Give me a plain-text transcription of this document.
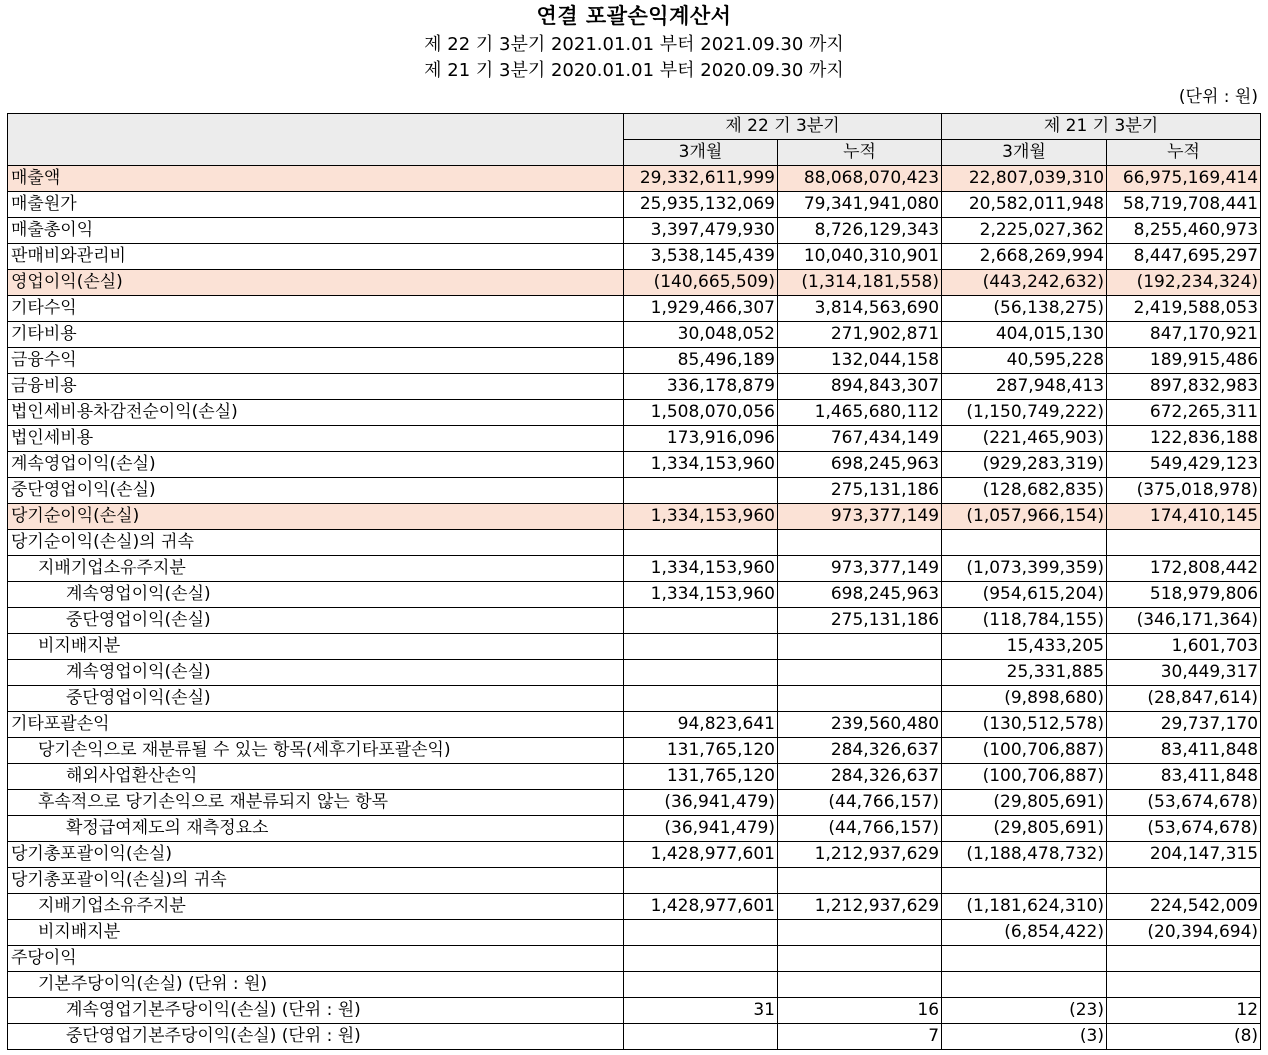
연결 포괄손익계산서
제 22 기 3분기 2021.01.01 부터 2021.09.30 까지
제 21 기 3분기 2020.01.01 부터 2020.09.30 까지
(단위 : 원)
	제 22 기 3분기		제 21 기 3분기	
	3개월	누적	3개월	누적
매출액	29,332,611,999	88,068,070,423	22,807,039,310	66,975,169,414
매출원가	25,935,132,069	79,341,941,080	20,582,011,948	58,719,708,441
매출총이익	3,397,479,930	8,726,129,343	2,225,027,362	8,255,460,973
판매비와관리비	3,538,145,439	10,040,310,901	2,668,269,994	8,447,695,297
영업이익(손실)	(140,665,509)	(1,314,181,558)	(443,242,632)	(192,234,324)
기타수익	1,929,466,307	3,814,563,690	(56,138,275)	2,419,588,053
기타비용	30,048,052	271,902,871	404,015,130	847,170,921
금융수익	85,496,189	132,044,158	40,595,228	189,915,486
금융비용	336,178,879	894,843,307	287,948,413	897,832,983
법인세비용차감전순이익(손실)	1,508,070,056	1,465,680,112	(1,150,749,222)	672,265,311
법인세비용	173,916,096	767,434,149	(221,465,903)	122,836,188
계속영업이익(손실)	1,334,153,960	698,245,963	(929,283,319)	549,429,123
중단영업이익(손실)		275,131,186	(128,682,835)	(375,018,978)
당기순이익(손실)	1,334,153,960	973,377,149	(1,057,966,154)	174,410,145
당기순이익(손실)의 귀속				
지배기업소유주지분	1,334,153,960	973,377,149	(1,073,399,359)	172,808,442
계속영업이익(손실)	1,334,153,960	698,245,963	(954,615,204)	518,979,806
중단영업이익(손실)		275,131,186	(118,784,155)	(346,171,364)
비지배지분			15,433,205	1,601,703
계속영업이익(손실)			25,331,885	30,449,317
중단영업이익(손실)			(9,898,680)	(28,847,614)
기타포괄손익	94,823,641	239,560,480	(130,512,578)	29,737,170
당기손익으로 재분류될 수 있는 항목(세후기타포괄손익)	131,765,120	284,326,637	(100,706,887)	83,411,848
해외사업환산손익	131,765,120	284,326,637	(100,706,887)	83,411,848
후속적으로 당기손익으로 재분류되지 않는 항목	(36,941,479)	(44,766,157)	(29,805,691)	(53,674,678)
확정급여제도의 재측정요소	(36,941,479)	(44,766,157)	(29,805,691)	(53,674,678)
당기총포괄이익(손실)	1,428,977,601	1,212,937,629	(1,188,478,732)	204,147,315
당기총포괄이익(손실)의 귀속				
지배기업소유주지분	1,428,977,601	1,212,937,629	(1,181,624,310)	224,542,009
비지배지분			(6,854,422)	(20,394,694)
주당이익				
기본주당이익(손실) (단위 : 원)				
계속영업기본주당이익(손실) (단위 : 원)	31	16	(23)	12
중단영업기본주당이익(손실) (단위 : 원)		7	(3)	(8)
